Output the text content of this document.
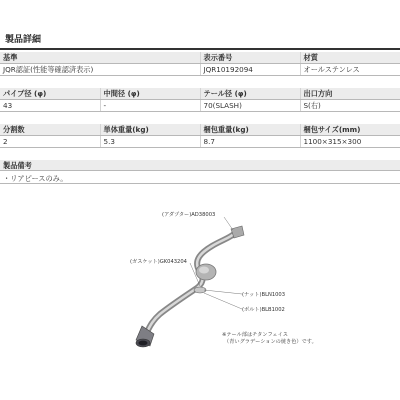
製品詳細
基準	表示番号	材質
JQR認証(性能等確認済表示)	JQR10192094	オールステンレス
パイプ径 (φ)	中間径 (φ)	テール径 (φ)	出口方向
43	-	70(SLASH)	S(右)
分割数	単体重量(kg)	梱包重量(kg)	梱包サイズ(mm)
2	5.3	8.7	1100×315×300
製品備考
・リアピースのみ。
(アダプター)AD38003
(ガスケット)GK043204
(ナット)BLN1003
(ボルト)BLB1002
※テール部はチタンフェイス
（青いグラデーションの焼き色）です。
